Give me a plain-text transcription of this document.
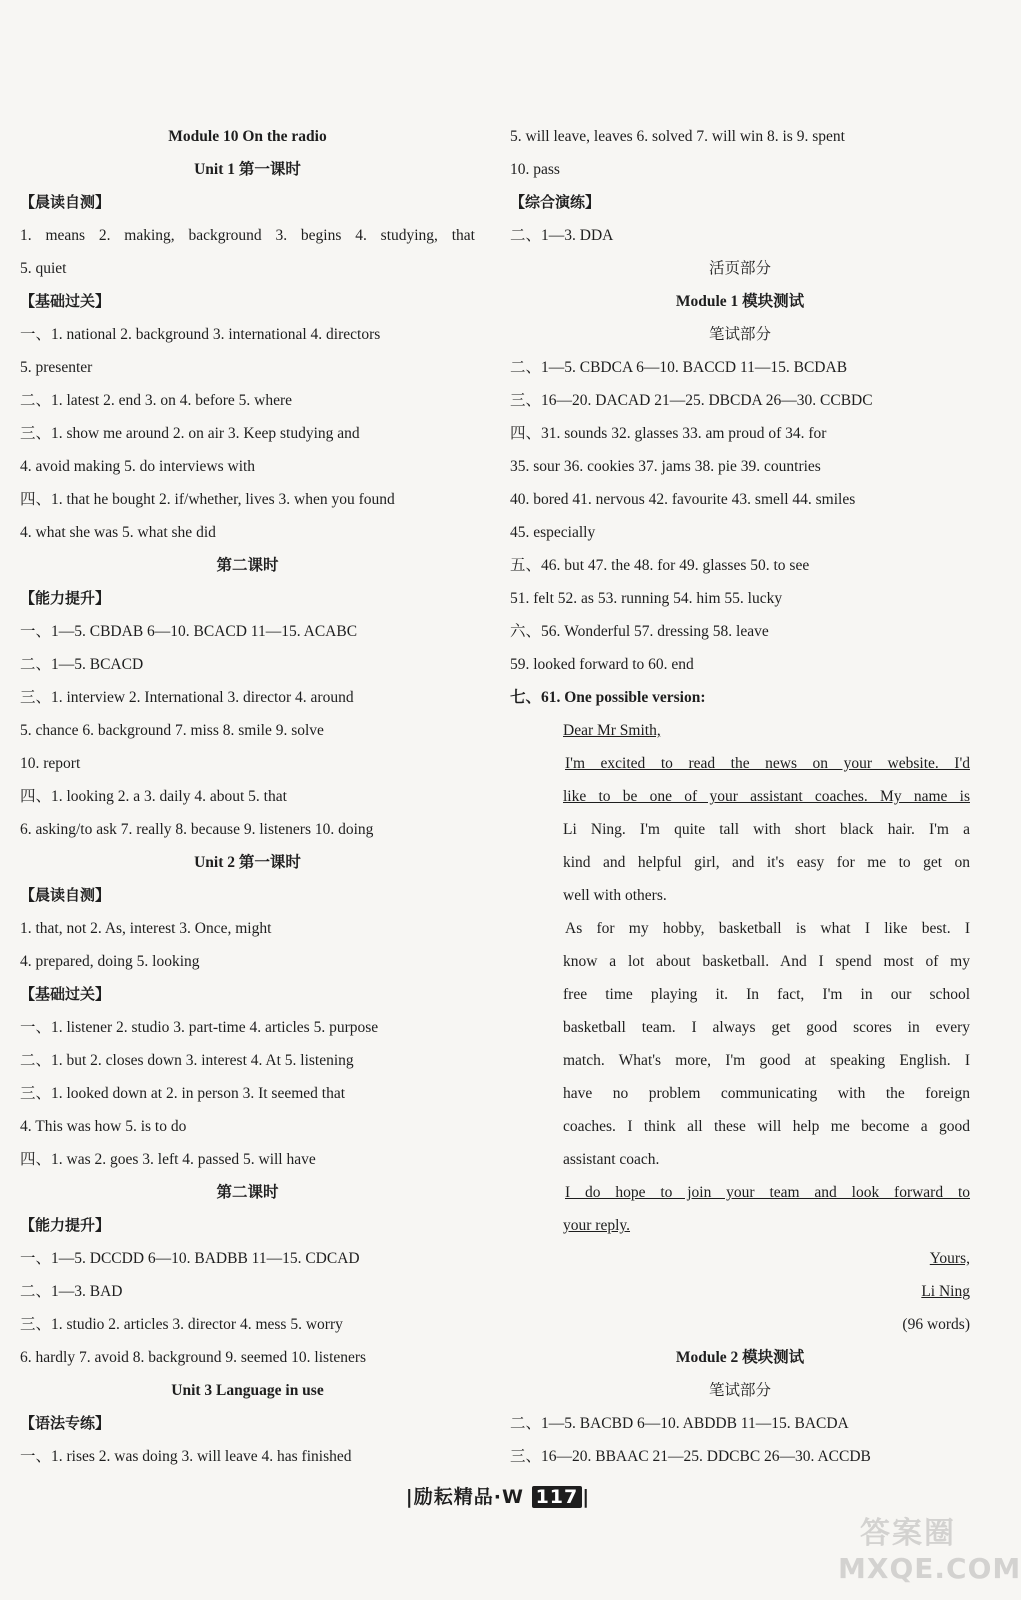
Module 10 On the radio
Unit 1 第一课时
【晨读自测】
1. means 2. making, background 3. begins 4. studying, that
5. quiet
【基础过关】
一、1. national 2. background 3. international 4. directors
5. presenter
二、1. latest 2. end 3. on 4. before 5. where
三、1. show me around 2. on air 3. Keep studying and
4. avoid making 5. do interviews with
四、1. that he bought 2. if/whether, lives 3. when you found
4. what she was 5. what she did
第二课时
【能力提升】
一、1—5. CBDAB 6—10. BCACD 11—15. ACABC
二、1—5. BCACD
三、1. interview 2. International 3. director 4. around
5. chance 6. background 7. miss 8. smile 9. solve
10. report
四、1. looking 2. a 3. daily 4. about 5. that
6. asking/to ask 7. really 8. because 9. listeners 10. doing
Unit 2 第一课时
【晨读自测】
1. that, not 2. As, interest 3. Once, might
4. prepared, doing 5. looking
【基础过关】
一、1. listener 2. studio 3. part-time 4. articles 5. purpose
二、1. but 2. closes down 3. interest 4. At 5. listening
三、1. looked down at 2. in person 3. It seemed that
4. This was how 5. is to do
四、1. was 2. goes 3. left 4. passed 5. will have
第二课时
【能力提升】
一、1—5. DCCDD 6—10. BADBB 11—15. CDCAD
二、1—3. BAD
三、1. studio 2. articles 3. director 4. mess 5. worry
6. hardly 7. avoid 8. background 9. seemed 10. listeners
Unit 3 Language in use
【语法专练】
一、1. rises 2. was doing 3. will leave 4. has finished
5. will leave, leaves 6. solved 7. will win 8. is 9. spent
10. pass
【综合演练】
二、1—3. DDA
活页部分
Module 1 模块测试
笔试部分
二、1—5. CBDCA 6—10. BACCD 11—15. BCDAB
三、16—20. DACAD 21—25. DBCDA 26—30. CCBDC
四、31. sounds 32. glasses 33. am proud of 34. for
35. sour 36. cookies 37. jams 38. pie 39. countries
40. bored 41. nervous 42. favourite 43. smell 44. smiles
45. especially
五、46. but 47. the 48. for 49. glasses 50. to see
51. felt 52. as 53. running 54. him 55. lucky
六、56. Wonderful 57. dressing 58. leave
59. looked forward to 60. end
七、61. One possible version:
Dear Mr Smith,
I'm excited to read the news on your website. I'd
like to be one of your assistant coaches. My name is
Li Ning. I'm quite tall with short black hair. I'm a
kind and helpful girl, and it's easy for me to get on
well with others.
As for my hobby, basketball is what I like best. I
know a lot about basketball. And I spend most of my
free time playing it. In fact, I'm in our school
basketball team. I always get good scores in every
match. What's more, I'm good at speaking English. I
have no problem communicating with the foreign
coaches. I think all these will help me become a good
assistant coach.
I do hope to join your team and look forward to
your reply.
Yours,
Li Ning
(96 words)
Module 2 模块测试
笔试部分
二、1—5. BACBD 6—10. ABDDB 11—15. BACDA
三、16—20. BBAAC 21—25. DDCBC 26—30. ACCDB
|励耘精品·W 117 |
答案圈
MXQE.COM
